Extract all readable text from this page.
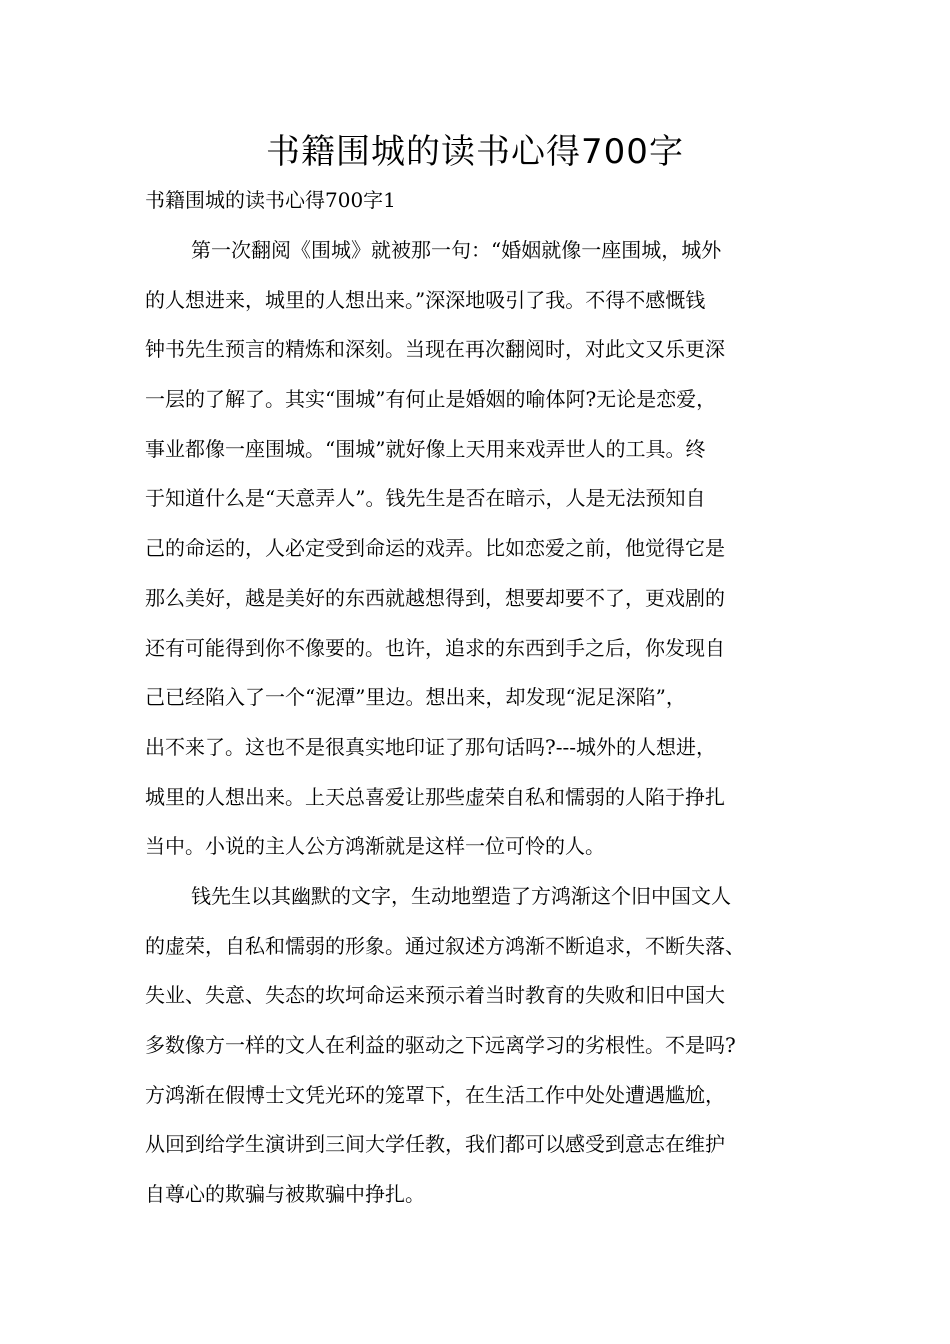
书籍围城的读书心得700字

书籍围城的读书心得700字1

第一次翻阅《围城》就被那一句：“婚姻就像一座围城，城外
的人想进来，城里的人想出来。”深深地吸引了我。不得不感慨钱
钟书先生预言的精炼和深刻。当现在再次翻阅时，对此文又乐更深
一层的了解了。其实“围城”有何止是婚姻的喻体阿?无论是恋爱，
事业都像一座围城。“围城”就好像上天用来戏弄世人的工具。终
于知道什么是“天意弄人”。钱先生是否在暗示，人是无法预知自
己的命运的，人必定受到命运的戏弄。比如恋爱之前，他觉得它是
那么美好，越是美好的东西就越想得到，想要却要不了，更戏剧的
还有可能得到你不像要的。也许，追求的东西到手之后，你发现自
己已经陷入了一个“泥潭”里边。想出来，却发现“泥足深陷”，
出不来了。这也不是很真实地印证了那句话吗?---城外的人想进，
城里的人想出来。上天总喜爱让那些虚荣自私和懦弱的人陷于挣扎
当中。小说的主人公方鸿渐就是这样一位可怜的人。
钱先生以其幽默的文字，生动地塑造了方鸿渐这个旧中国文人
的虚荣，自私和懦弱的形象。通过叙述方鸿渐不断追求，不断失落、
失业、失意、失态的坎坷命运来预示着当时教育的失败和旧中国大
多数像方一样的文人在利益的驱动之下远离学习的劣根性。不是吗?
方鸿渐在假博士文凭光环的笼罩下，在生活工作中处处遭遇尴尬，
从回到给学生演讲到三间大学任教，我们都可以感受到意志在维护
自尊心的欺骗与被欺骗中挣扎。
